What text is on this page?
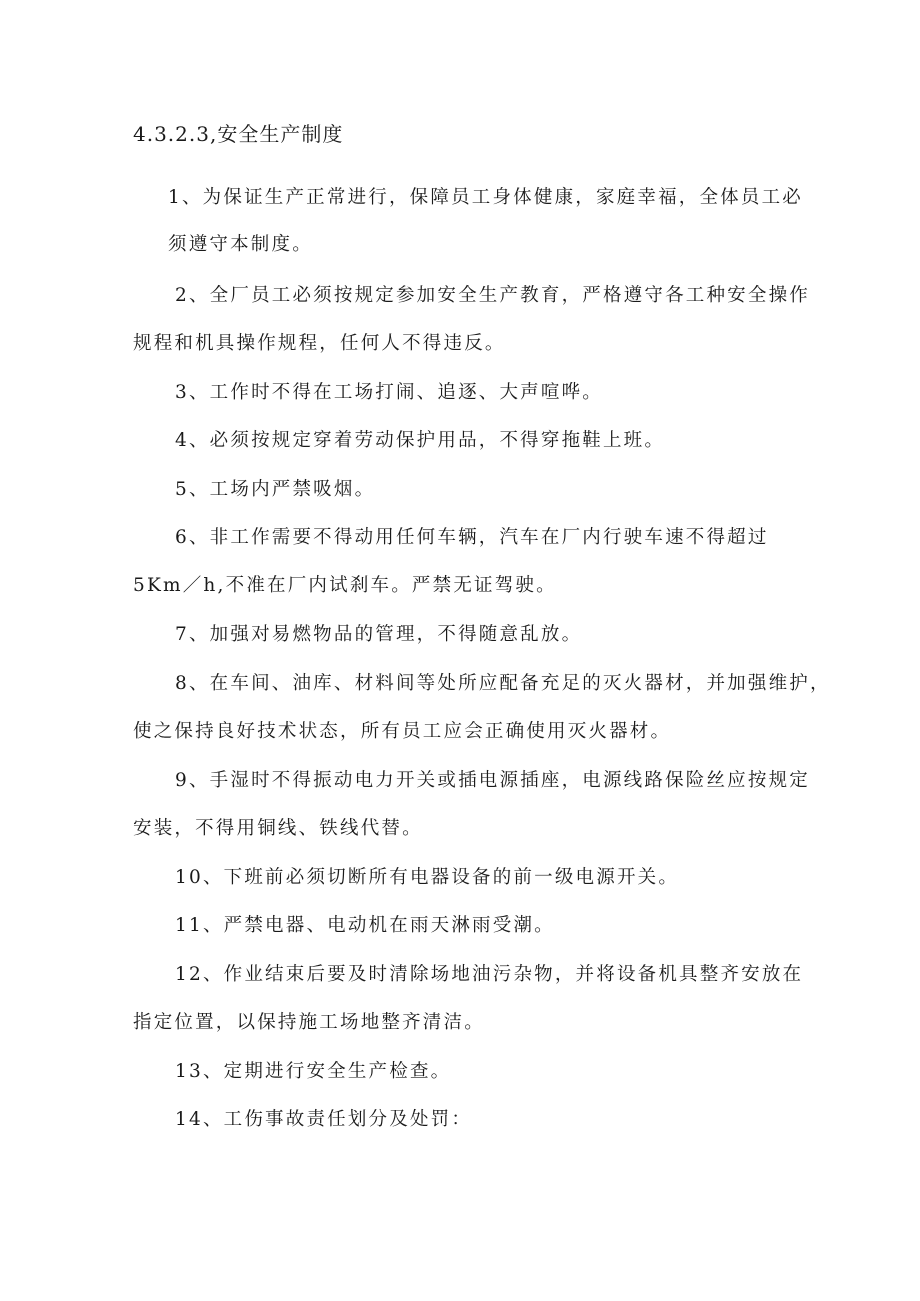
4.3.2.3,安全生产制度
1、为保证生产正常进行，保障员工身体健康，家庭幸福，全体员工必
须遵守本制度。
2、全厂员工必须按规定参加安全生产教育，严格遵守各工种安全操作
规程和机具操作规程，任何人不得违反。
3、工作时不得在工场打闹、追逐、大声喧哗。
4、必须按规定穿着劳动保护用品，不得穿拖鞋上班。
5、工场内严禁吸烟。
6、非工作需要不得动用任何车辆，汽车在厂内行驶车速不得超过
5Km／h,不准在厂内试刹车。严禁无证驾驶。
7、加强对易燃物品的管理，不得随意乱放。
8、在车间、油库、材料间等处所应配备充足的灭火器材，并加强维护，
使之保持良好技术状态，所有员工应会正确使用灭火器材。
9、手湿时不得振动电力开关或插电源插座，电源线路保险丝应按规定
安装，不得用铜线、铁线代替。
10、下班前必须切断所有电器设备的前一级电源开关。
11、严禁电器、电动机在雨天淋雨受潮。
12、作业结束后要及时清除场地油污杂物，并将设备机具整齐安放在
指定位置，以保持施工场地整齐清洁。
13、定期进行安全生产检查。
14、工伤事故责任划分及处罚：
